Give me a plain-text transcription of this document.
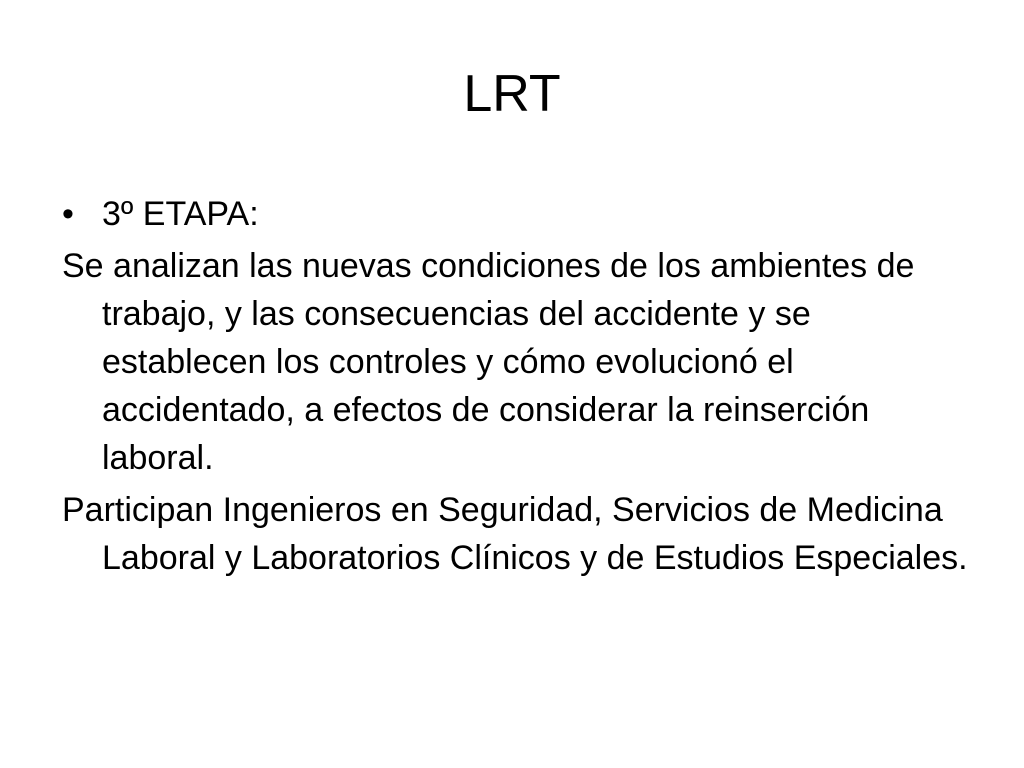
LRT
• 3º ETAPA:

Se analizan las nuevas condiciones de los ambientes de trabajo, y las consecuencias del accidente y se establecen los controles y cómo evolucionó el accidentado, a efectos de considerar la reinserción laboral.

Participan Ingenieros en Seguridad, Servicios de Medicina Laboral y Laboratorios Clínicos y de Estudios Especiales.
